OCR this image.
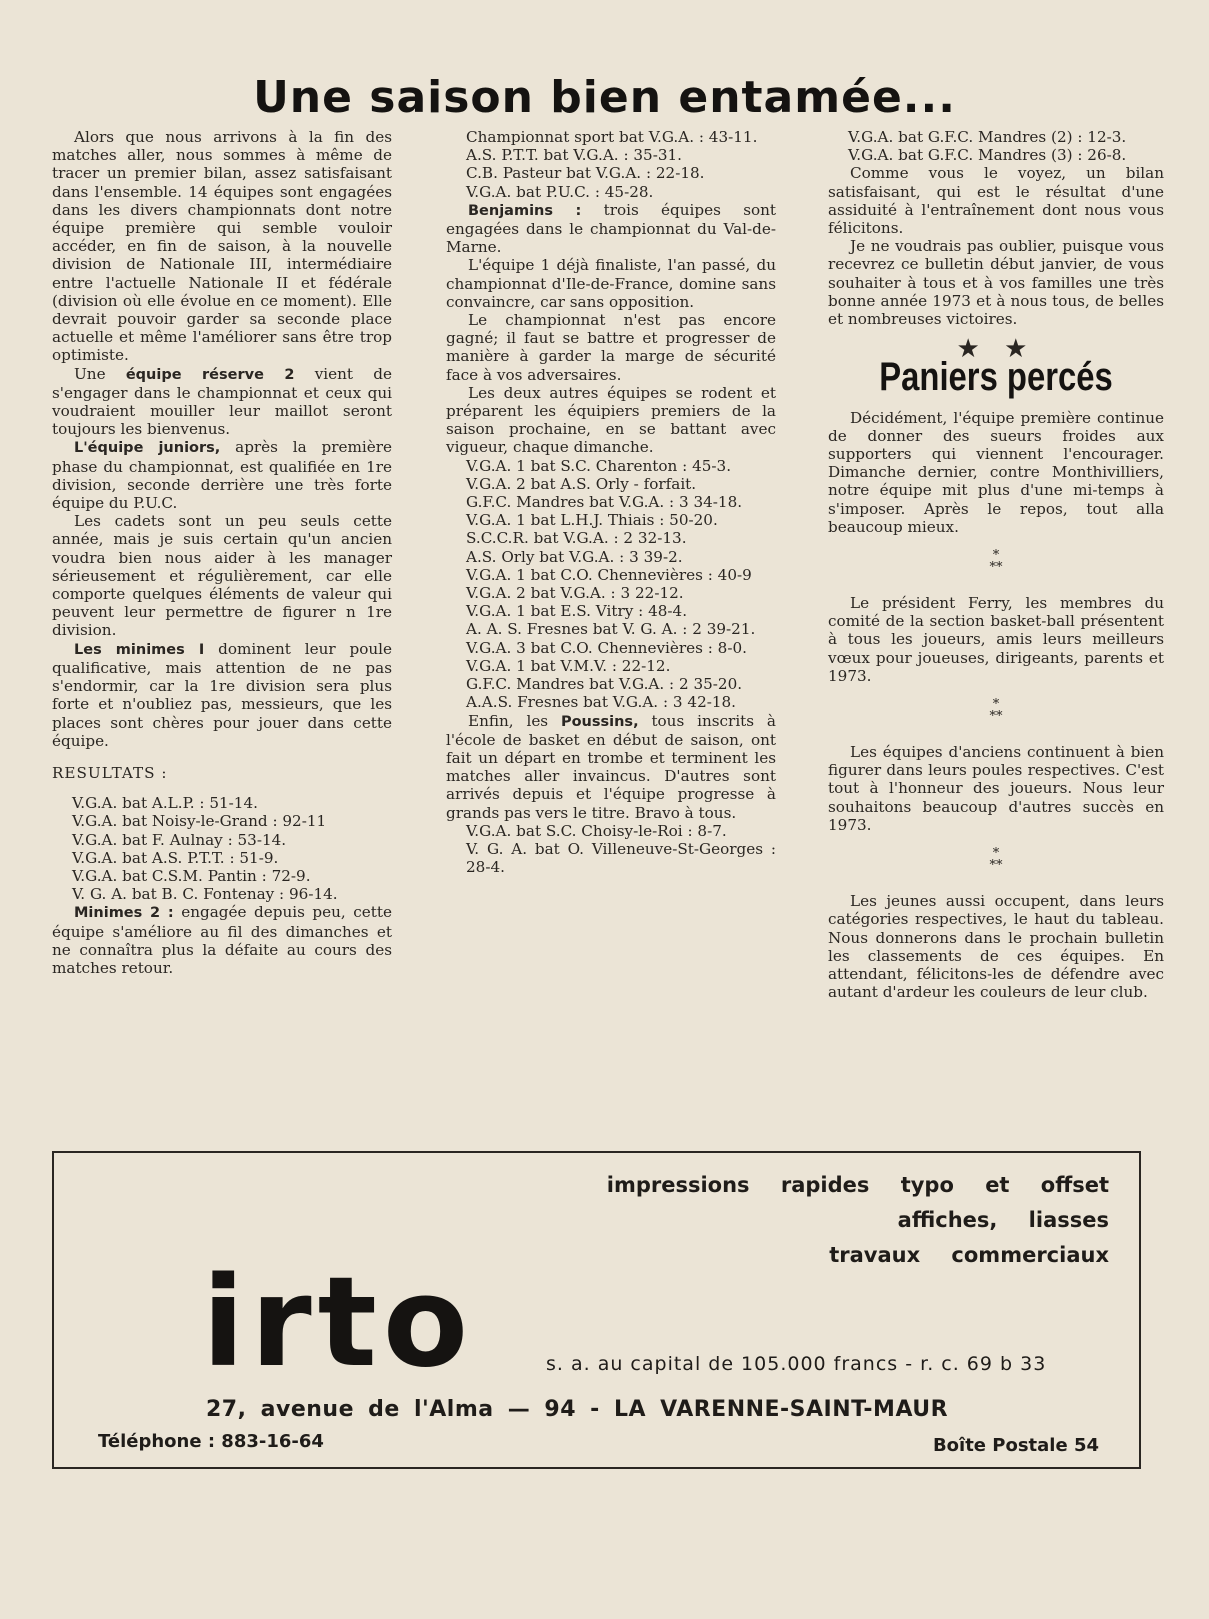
Une saison bien entamée...

Alors que nous arrivons à la fin des matches aller, nous sommes à même de tracer un premier bilan, assez satisfaisant dans l'ensemble. 14 équipes sont engagées dans les divers championnats dont notre équipe première qui semble vouloir accéder, en fin de saison, à la nouvelle division de Nationale III, intermédiaire entre l'actuelle Nationale II et fédérale (division où elle évolue en ce moment). Elle devrait pouvoir garder sa seconde place actuelle et même l'améliorer sans être trop optimiste.

Une équipe réserve 2 vient de s'engager dans le championnat et ceux qui voudraient mouiller leur maillot seront toujours les bienvenus.

L'équipe juniors, après la première phase du championnat, est qualifiée en 1re division, seconde derrière une très forte équipe du P.U.C.

Les cadets sont un peu seuls cette année, mais je suis certain qu'un ancien voudra bien nous aider à les manager sérieusement et régulièrement, car elle comporte quelques éléments de valeur qui peuvent leur permettre de figurer n 1re division.

Les minimes I dominent leur poule qualificative, mais attention de ne pas s'endormir, car la 1re division sera plus forte et n'oubliez pas, messieurs, que les places sont chères pour jouer dans cette équipe.

RESULTATS :

V.G.A. bat A.L.P. : 51-14.

V.G.A. bat Noisy-le-Grand : 92-11

V.G.A. bat F. Aulnay : 53-14.

V.G.A. bat A.S. P.T.T. : 51-9.

V.G.A. bat C.S.M. Pantin : 72-9.

V. G. A. bat B. C. Fontenay : 96-14.

Minimes 2 : engagée depuis peu, cette équipe s'améliore au fil des dimanches et ne connaîtra plus la défaite au cours des matches retour.

Championnat sport bat V.G.A. : 43-11.

A.S. P.T.T. bat V.G.A. : 35-31.

C.B. Pasteur bat V.G.A. : 22-18.

V.G.A. bat P.U.C. : 45-28.

Benjamins : trois équipes sont engagées dans le championnat du Val-de-Marne.

L'équipe 1 déjà finaliste, l'an passé, du championnat d'Ile-de-France, domine sans convaincre, car sans opposition.

Le championnat n'est pas encore gagné; il faut se battre et progresser de manière à garder la marge de sécurité face à vos adversaires.

Les deux autres équipes se rodent et préparent les équipiers premiers de la saison prochaine, en se battant avec vigueur, chaque dimanche.

V.G.A. 1 bat S.C. Charenton : 45-3.

V.G.A. 2 bat A.S. Orly - forfait.

G.F.C. Mandres bat V.G.A. : 3 34-18.

V.G.A. 1 bat L.H.J. Thiais : 50-20.

S.C.C.R. bat V.G.A. : 2 32-13.

A.S. Orly bat V.G.A. : 3 39-2.

V.G.A. 1 bat C.O. Chennevières : 40-9

V.G.A. 2 bat V.G.A. : 3 22-12.

V.G.A. 1 bat E.S. Vitry : 48-4.

A. A. S. Fresnes bat V. G. A. : 2 39-21.

V.G.A. 3 bat C.O. Chennevières : 8-0.

V.G.A. 1 bat V.M.V. : 22-12.

G.F.C. Mandres bat V.G.A. : 2 35-20.

A.A.S. Fresnes bat V.G.A. : 3 42-18.

Enfin, les Poussins, tous inscrits à l'école de basket en début de saison, ont fait un départ en trombe et terminent les matches aller invaincus. D'autres sont arrivés depuis et l'équipe progresse à grands pas vers le titre. Bravo à tous.

V.G.A. bat S.C. Choisy-le-Roi : 8-7.

V. G. A. bat O. Villeneuve-St-Georges : 28-4.

V.G.A. bat G.F.C. Mandres (2) : 12-3.

V.G.A. bat G.F.C. Mandres (3) : 26-8.

Comme vous le voyez, un bilan satisfaisant, qui est le résultat d'une assiduité à l'entraînement dont nous vous félicitons.

Je ne voudrais pas oublier, puisque vous recevrez ce bulletin début janvier, de vous souhaiter à tous et à vos familles une très bonne année 1973 et à nous tous, de belles et nombreuses victoires.

★ ★
Paniers percés

Décidément, l'équipe première continue de donner des sueurs froides aux supporters qui viennent l'encourager. Dimanche dernier, contre Monthivilliers, notre équipe mit plus d'une mi-temps à s'imposer. Après le repos, tout alla beaucoup mieux.

*
**

Le président Ferry, les membres du comité de la section basket-ball présentent à tous les joueurs, amis leurs meilleurs vœux pour joueuses, dirigeants, parents et 1973.

*
**

Les équipes d'anciens continuent à bien figurer dans leurs poules respectives. C'est tout à l'honneur des joueurs. Nous leur souhaitons beaucoup d'autres succès en 1973.

*
**

Les jeunes aussi occupent, dans leurs catégories respectives, le haut du tableau. Nous donnerons dans le prochain bulletin les classements de ces équipes. En attendant, félicitons-les de défendre avec autant d'ardeur les couleurs de leur club.

impressions rapides typo et offset
affiches, liasses
travaux commerciaux
irto	s. a. au capital de 105.000 francs - r. c. 69 b 33
27, avenue de l'Alma — 94 - LA VARENNE-SAINT-MAUR
Téléphone : 883-16-64	Boîte Postale 54
